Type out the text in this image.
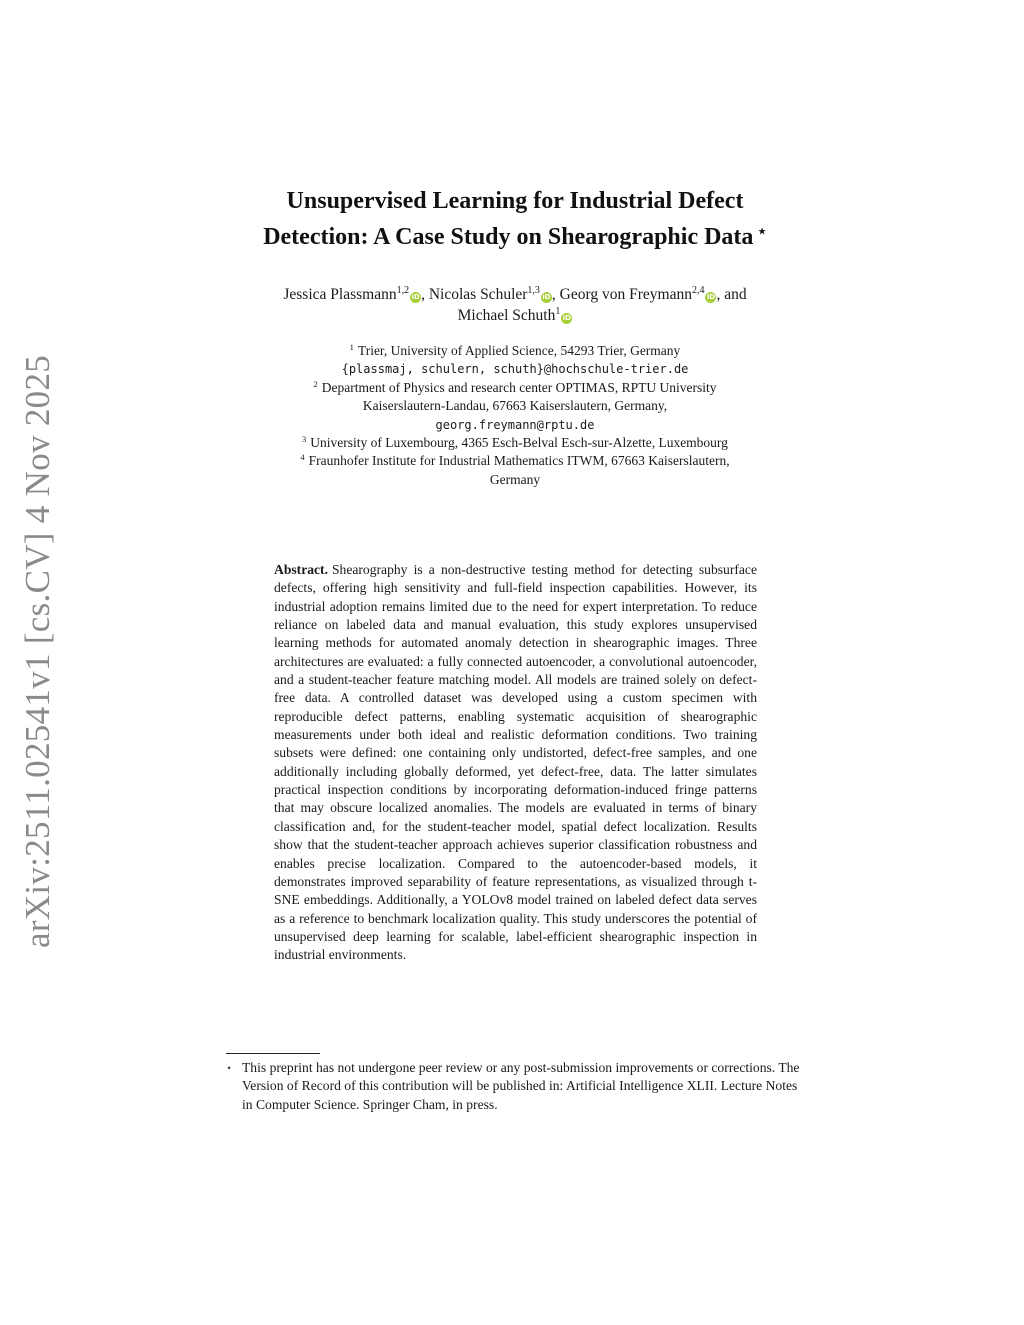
arXiv:2511.02541v1 [cs.CV] 4 Nov 2025
Unsupervised Learning for Industrial Defect
Detection: A Case Study on Shearographic Data ⋆
Jessica Plassmann$^{1,2}$iD, Nicolas Schuler$^{1,3}$iD, Georg von Freymann$^{2,4}$iD, and
Michael Schuth$^1$iD
$^1$ Trier, University of Applied Science, 54293 Trier, Germany
{plassmaj, schulern, schuth}@hochschule-trier.de
$^2$ Department of Physics and research center OPTIMAS, RPTU University
Kaiserslautern-Landau, 67663 Kaiserslautern, Germany,
georg.freymann@rptu.de
$^3$ University of Luxembourg, 4365 Esch-Belval Esch-sur-Alzette, Luxembourg
$^4$ Fraunhofer Institute for Industrial Mathematics ITWM, 67663 Kaiserslautern,
Germany
Abstract. Shearography is a non-destructive testing method for detecting subsurface defects, offering high sensitivity and full-field inspection capabilities. However, its industrial adoption remains limited due to the need for expert interpretation. To reduce reliance on labeled data and manual evaluation, this study explores unsupervised learning methods for automated anomaly detection in shearographic images. Three architectures are evaluated: a fully connected autoencoder, a convolutional autoencoder, and a student-teacher feature matching model. All models are trained solely on defect-free data. A controlled dataset was developed using a custom specimen with reproducible defect patterns, enabling systematic acquisition of shearographic measurements under both ideal and realistic deformation conditions. Two training subsets were defined: one containing only undistorted, defect-free samples, and one additionally including globally deformed, yet defect-free, data. The latter simulates practical inspection conditions by incorporating deformation-induced fringe patterns that may obscure localized anomalies. The models are evaluated in terms of binary classification and, for the student-teacher model, spatial defect localization. Results show that the student-teacher approach achieves superior classification robustness and enables precise localization. Compared to the autoencoder-based models, it demonstrates improved separability of feature representations, as visualized through t-SNE embeddings. Additionally, a YOLOv8 model trained on labeled defect data serves as a reference to benchmark localization quality. This study underscores the potential of unsupervised deep learning for scalable, label-efficient shearographic inspection in industrial environments.
⋆ This preprint has not undergone peer review or any post-submission improvements or corrections. The Version of Record of this contribution will be published in: Artificial Intelligence XLII. Lecture Notes in Computer Science. Springer Cham, in press.
